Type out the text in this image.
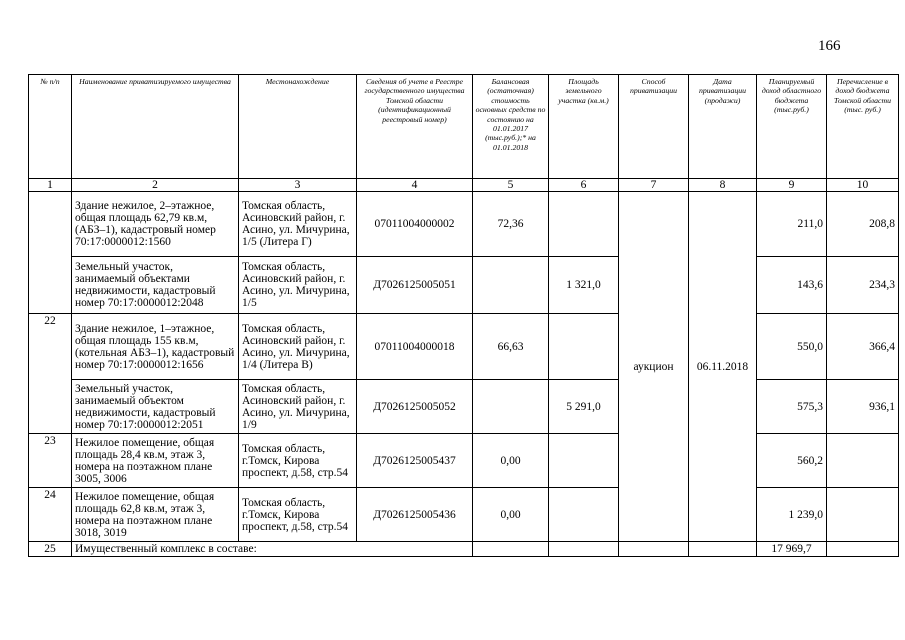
166
№ п/п	Наименование приватизируемого имущества	Местонахождение	Сведения об учете в Реестре государственного имущества Томской области (идентификационный реестровый номер)	Балансовая (остаточная) стоимость основных средств по состоянию на 01.01.2017 (тыс.руб.);* на 01.01.2018	Площадь земельного участка (кв.м.)	Способ приватизации	Дата приватизации (продажи)	Планируемый доход областного бюджета (тыс.руб.)	Перечисление в доход бюджета Томской области (тыс. руб.)
1	2	3	4	5	6	7	8	9	10
	Здание нежилое, 2–этажное, общая площадь 62,79 кв.м, (АБЗ–1), кадастровый номер 70:17:0000012:1560	Томская область, Асиновский район, г. Асино, ул. Мичурина, 1/5 (Литера Г)	07011004000002	72,36		аукцион	06.11.2018	211,0	208,8
	Земельный участок, занимаемый объектами недвижимости, кадастровый номер 70:17:0000012:2048	Томская область, Асиновский район, г. Асино, ул. Мичурина, 1/5	Д7026125005051		1 321,0			143,6	234,3
22	Здание нежилое, 1–этажное, общая площадь 155 кв.м,(котельная АБЗ–1), кадастровый номер 70:17:0000012:1656	Томская область, Асиновский район, г. Асино, ул. Мичурина, 1/4 (Литера В)	07011004000018	66,63				550,0	366,4
	Земельный участок, занимаемый объектом недвижимости, кадастровый номер 70:17:0000012:2051	Томская область, Асиновский район, г. Асино, ул. Мичурина, 1/9	Д7026125005052		5 291,0			575,3	936,1
23	Нежилое помещение, общая площадь 28,4 кв.м, этаж 3, номера на поэтажном плане 3005, 3006	Томская область, г.Томск, Кирова проспект, д.58, стр.54	Д7026125005437	0,00				560,2	
24	Нежилое помещение, общая площадь 62,8 кв.м, этаж 3, номера на поэтажном плане 3018, 3019	Томская область, г.Томск, Кирова проспект, д.58, стр.54	Д7026125005436	0,00				1 239,0	
25	Имущественный комплекс в составе:							17 969,7	
